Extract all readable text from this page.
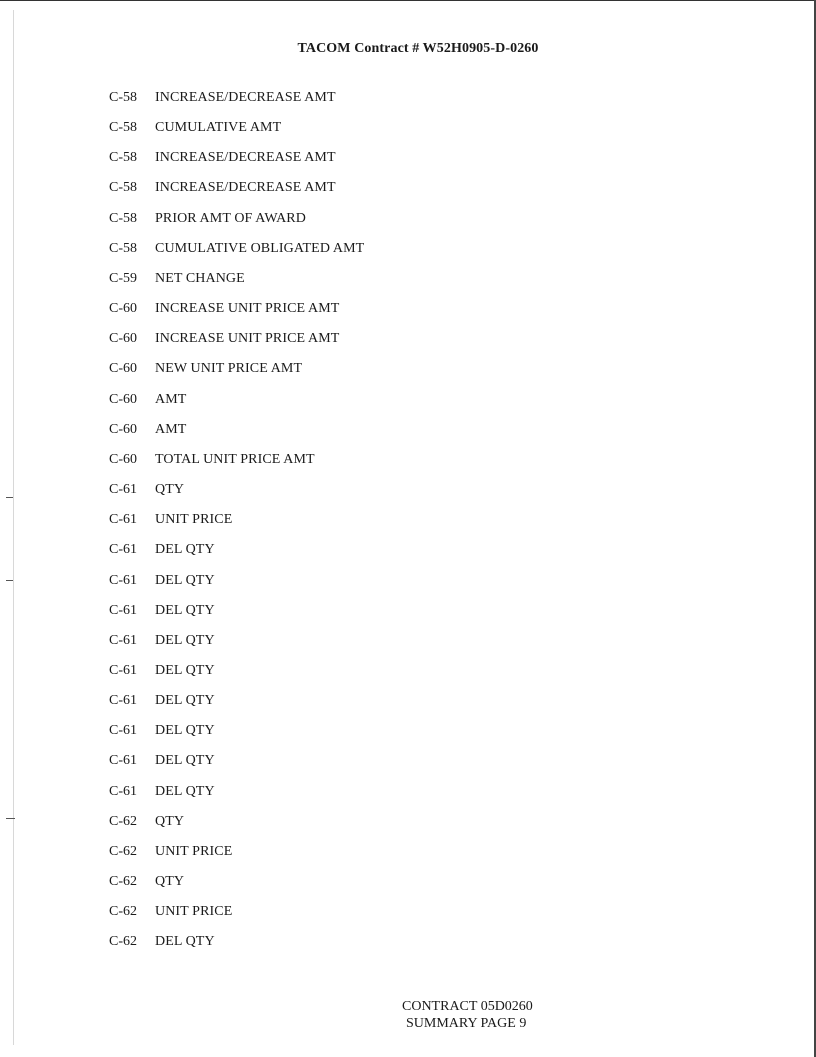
TACOM Contract # W52H0905-D-0260
C-58	INCREASE/DECREASE AMT
C-58	CUMULATIVE AMT
C-58	INCREASE/DECREASE AMT
C-58	INCREASE/DECREASE AMT
C-58	PRIOR AMT OF AWARD
C-58	CUMULATIVE OBLIGATED AMT
C-59	NET CHANGE
C-60	INCREASE UNIT PRICE AMT
C-60	INCREASE UNIT PRICE AMT
C-60	NEW UNIT PRICE AMT
C-60	AMT
C-60	AMT
C-60	TOTAL UNIT PRICE AMT
C-61	QTY
C-61	UNIT PRICE
C-61	DEL QTY
C-61	DEL QTY
C-61	DEL QTY
C-61	DEL QTY
C-61	DEL QTY
C-61	DEL QTY
C-61	DEL QTY
C-61	DEL QTY
C-61	DEL QTY
C-62	QTY
C-62	UNIT PRICE
C-62	QTY
C-62	UNIT PRICE
C-62	DEL QTY
CONTRACT 05D0260
SUMMARY PAGE 9
